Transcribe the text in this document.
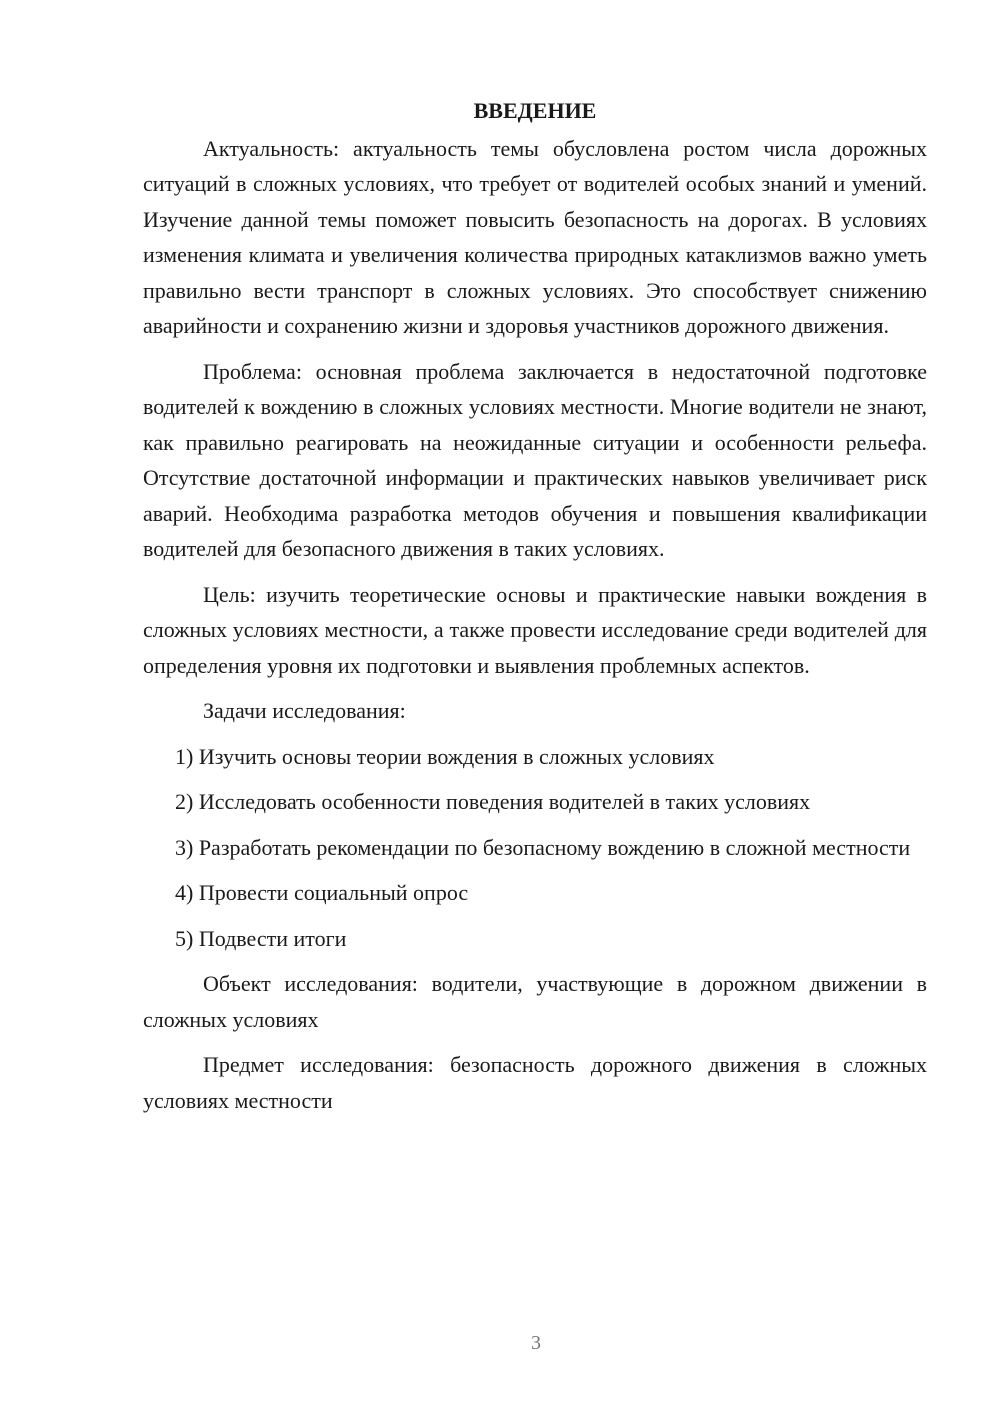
ВВЕДЕНИЕ

Актуальность: актуальность темы обусловлена ростом числа дорожных ситуаций в сложных условиях, что требует от водителей особых знаний и умений. Изучение данной темы поможет повысить безопасность на дорогах. В условиях изменения климата и увеличения количества природных катаклизмов важно уметь правильно вести транспорт в сложных условиях. Это способствует снижению аварийности и сохранению жизни и здоровья участников дорожного движения.

Проблема: основная проблема заключается в недостаточной подготовке водителей к вождению в сложных условиях местности. Многие водители не знают, как правильно реагировать на неожиданные ситуации и особенности рельефа. Отсутствие достаточной информации и практических навыков увеличивает риск аварий. Необходима разработка методов обучения и повышения квалификации водителей для безопасного движения в таких условиях.

Цель: изучить теоретические основы и практические навыки вождения в сложных условиях местности, а также провести исследование среди водителей для определения уровня их подготовки и выявления проблемных аспектов.

Задачи исследования:

1) Изучить основы теории вождения в сложных условиях

2) Исследовать особенности поведения водителей в таких условиях

3) Разработать рекомендации по безопасному вождению в сложной местности

4) Провести социальный опрос

5) Подвести итоги

Объект исследования: водители, участвующие в дорожном движении в сложных условиях

Предмет исследования: безопасность дорожного движения в сложных условиях местности

3
